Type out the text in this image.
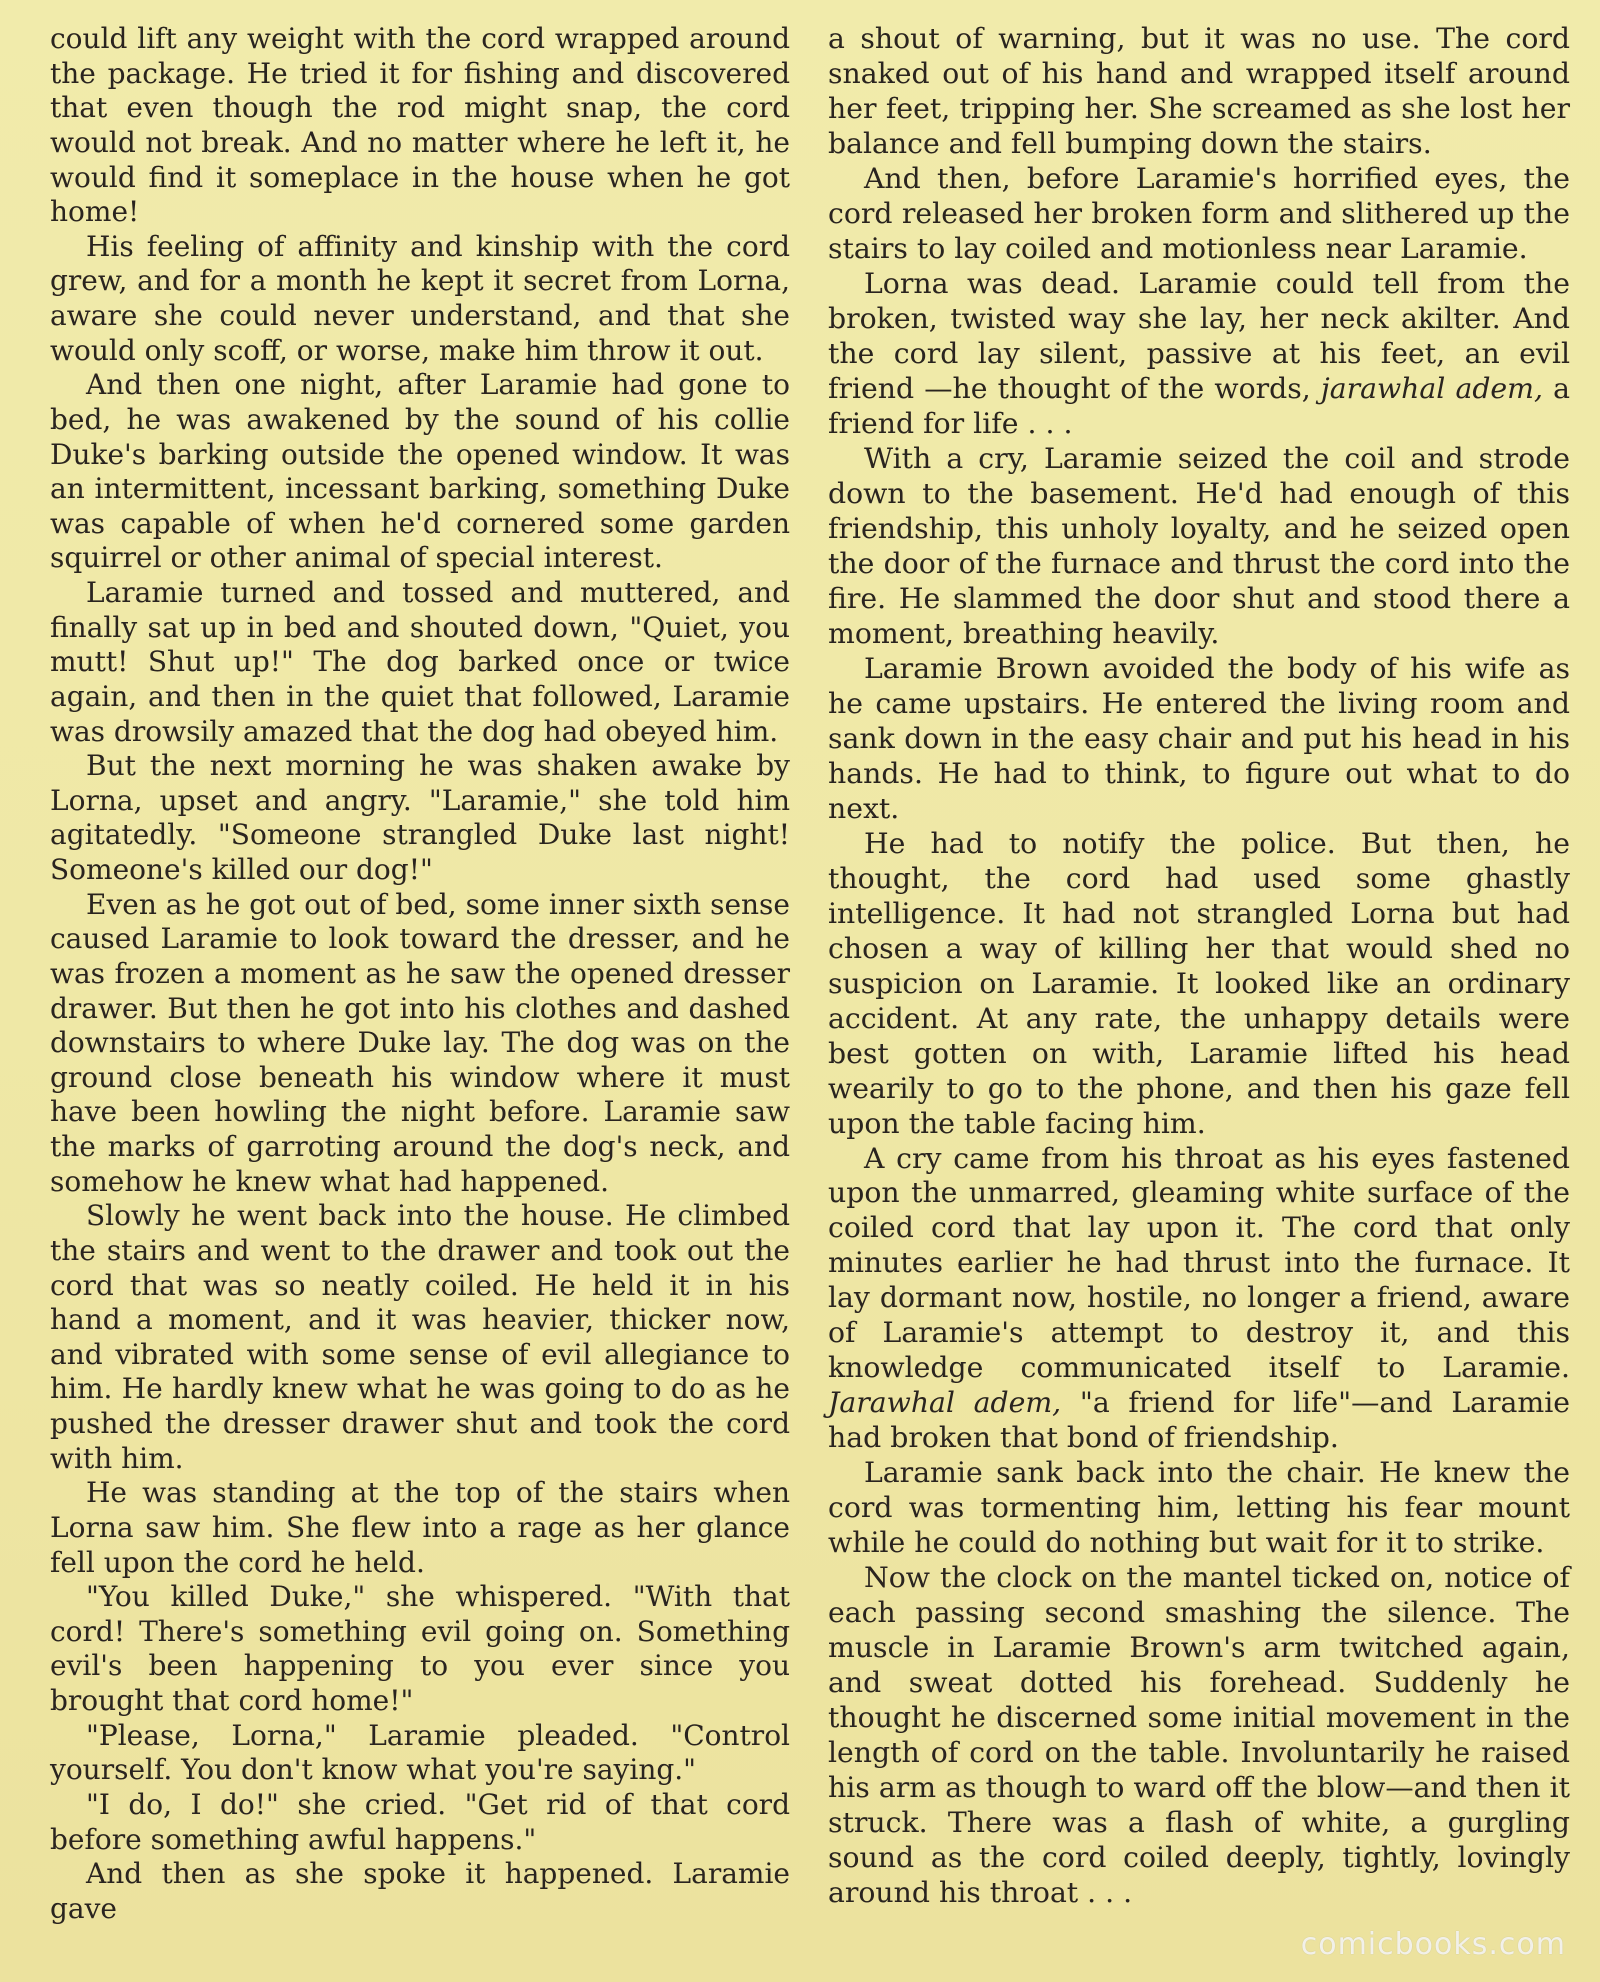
could lift any weight with the cord wrapped around the package. He tried it for fishing and discovered that even though the rod might snap, the cord would not break. And no matter where he left it, he would find it someplace in the house when he got home!

His feeling of affinity and kinship with the cord grew, and for a month he kept it secret from Lorna, aware she could never understand, and that she would only scoff, or worse, make him throw it out.

And then one night, after Laramie had gone to bed, he was awakened by the sound of his collie Duke's barking outside the opened window. It was an intermittent, incessant barking, something Duke was capable of when he'd cornered some garden squirrel or other animal of special interest.

Laramie turned and tossed and muttered, and finally sat up in bed and shouted down, "Quiet, you mutt! Shut up!" The dog barked once or twice again, and then in the quiet that followed, Laramie was drowsily amazed that the dog had obeyed him.

But the next morning he was shaken awake by Lorna, upset and angry. "Laramie," she told him agitatedly. "Someone strangled Duke last night! Someone's killed our dog!"

Even as he got out of bed, some inner sixth sense caused Laramie to look toward the dresser, and he was frozen a moment as he saw the opened dresser drawer. But then he got into his clothes and dashed downstairs to where Duke lay. The dog was on the ground close beneath his window where it must have been howling the night before. Laramie saw the marks of garroting around the dog's neck, and somehow he knew what had happened.

Slowly he went back into the house. He climbed the stairs and went to the drawer and took out the cord that was so neatly coiled. He held it in his hand a moment, and it was heavier, thicker now, and vibrated with some sense of evil allegiance to him. He hardly knew what he was going to do as he pushed the dresser drawer shut and took the cord with him.

He was standing at the top of the stairs when Lorna saw him. She flew into a rage as her glance fell upon the cord he held.

"You killed Duke," she whispered. "With that cord! There's something evil going on. Something evil's been happening to you ever since you brought that cord home!"

"Please, Lorna," Laramie pleaded. "Control yourself. You don't know what you're saying."

"I do, I do!" she cried. "Get rid of that cord before something awful happens."

And then as she spoke it happened. Laramie gave

a shout of warning, but it was no use. The cord snaked out of his hand and wrapped itself around her feet, tripping her. She screamed as she lost her balance and fell bumping down the stairs.

And then, before Laramie's horrified eyes, the cord released her broken form and slithered up the stairs to lay coiled and motionless near Laramie.

Lorna was dead. Laramie could tell from the broken, twisted way she lay, her neck akilter. And the cord lay silent, passive at his feet, an evil friend —he thought of the words, jarawhal adem, a friend for life . . .

With a cry, Laramie seized the coil and strode down to the basement. He'd had enough of this friendship, this unholy loyalty, and he seized open the door of the furnace and thrust the cord into the fire. He slammed the door shut and stood there a moment, breathing heavily.

Laramie Brown avoided the body of his wife as he came upstairs. He entered the living room and sank down in the easy chair and put his head in his hands. He had to think, to figure out what to do next.

He had to notify the police. But then, he thought, the cord had used some ghastly intelligence. It had not strangled Lorna but had chosen a way of killing her that would shed no suspicion on Laramie. It looked like an ordinary accident. At any rate, the unhappy details were best gotten on with, Laramie lifted his head wearily to go to the phone, and then his gaze fell upon the table facing him.

A cry came from his throat as his eyes fastened upon the unmarred, gleaming white surface of the coiled cord that lay upon it. The cord that only minutes earlier he had thrust into the furnace. It lay dormant now, hostile, no longer a friend, aware of Laramie's attempt to destroy it, and this knowledge communicated itself to Laramie. Jarawhal adem, "a friend for life"—and Laramie had broken that bond of friendship.

Laramie sank back into the chair. He knew the cord was tormenting him, letting his fear mount while he could do nothing but wait for it to strike.

Now the clock on the mantel ticked on, notice of each passing second smashing the silence. The muscle in Laramie Brown's arm twitched again, and sweat dotted his forehead. Suddenly he thought he discerned some initial movement in the length of cord on the table. Involuntarily he raised his arm as though to ward off the blow—and then it struck. There was a flash of white, a gurgling sound as the cord coiled deeply, tightly, lovingly around his throat . . .

comicbooks.com
